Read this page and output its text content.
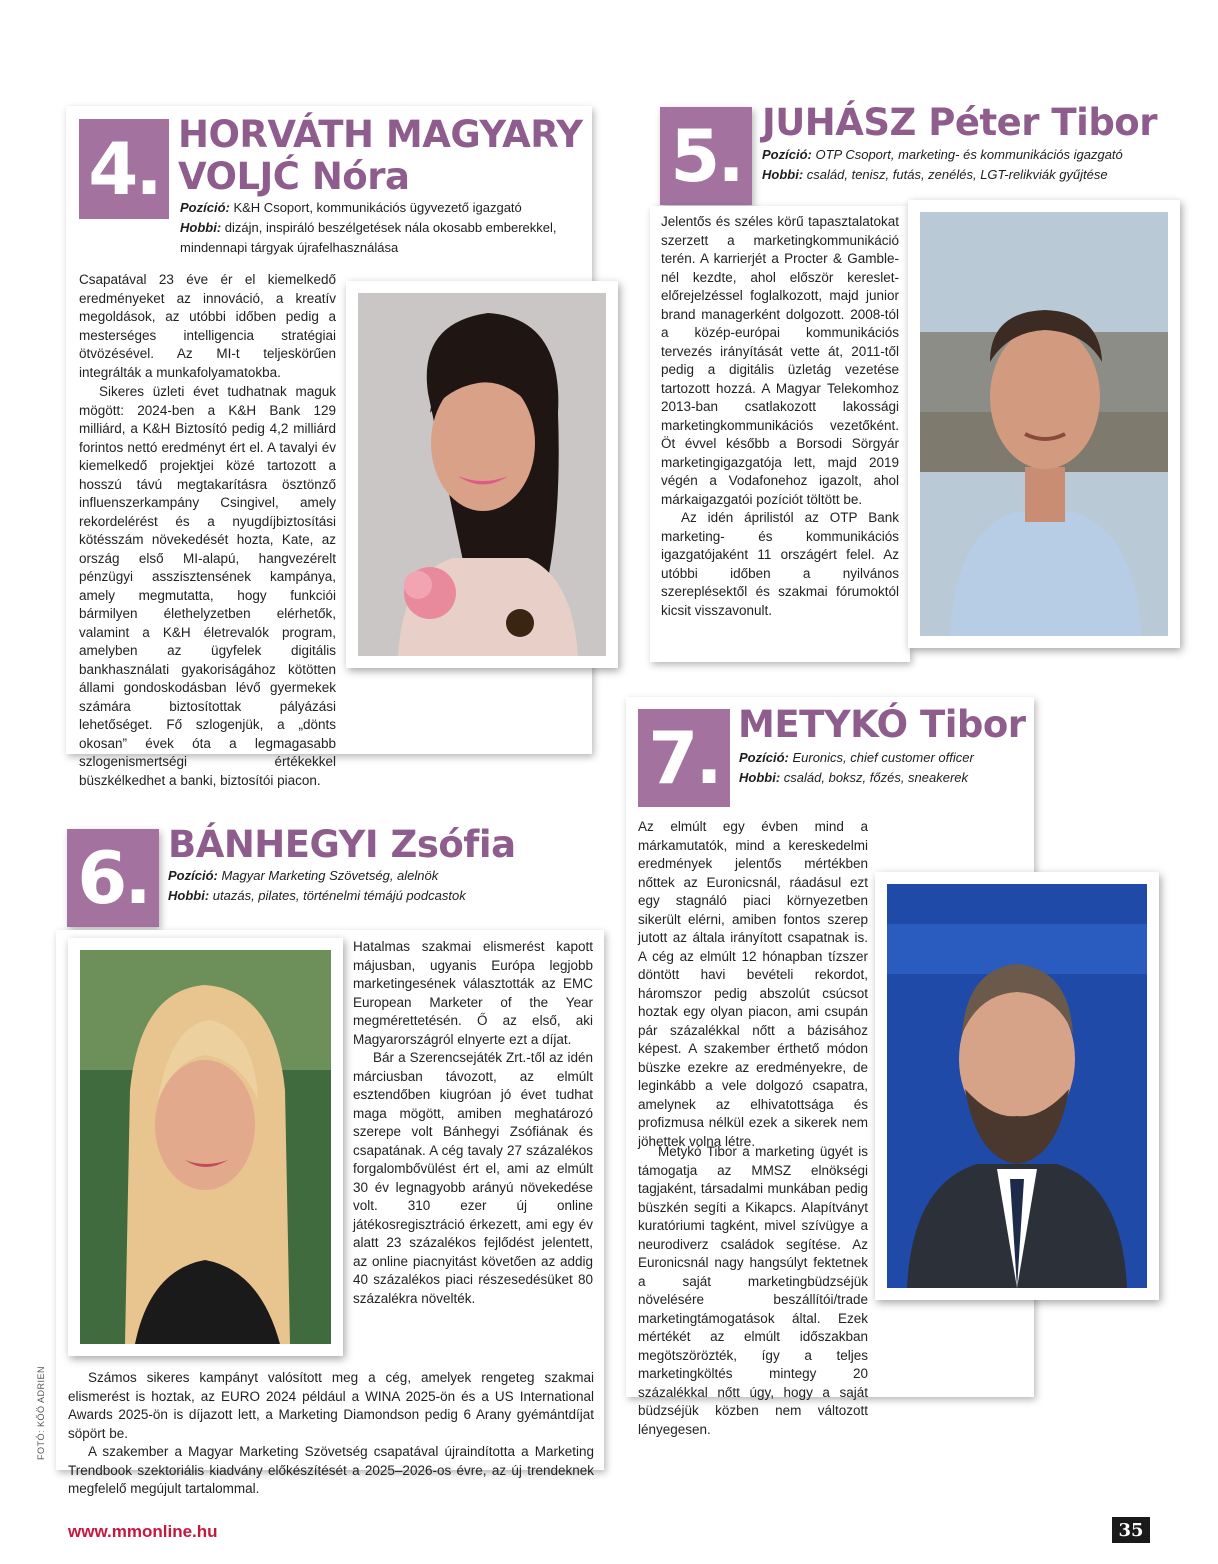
4. HORVÁTH MAGYARY
VOLJĆ Nóra
Pozíció: K&H Csoport, kommunikációs ügyvezető igazgató
Hobbi: dizájn, inspiráló beszélgetések nála okosabb emberekkel,
mindennapi tárgyak újrafelhasználása

Csapatával 23 éve ér el kiemelkedő eredményeket az innováció, a kreatív megoldások, az utóbbi időben pedig a mesterséges intelligencia stratégiai ötvözésével. Az MI-t teljeskörűen integrálták a munkafolyamatokba.

Sikeres üzleti évet tudhatnak maguk mögött: 2024-ben a K&H Bank 129 milliárd, a K&H Biztosító pedig 4,2 milliárd forintos nettó eredményt ért el. A tavalyi év kiemelkedő projektjei közé tartozott a hosszú távú megtakarításra ösztönző influenszerkampány Csingivel, amely rekordelérést és a nyugdíjbiztosítási kötésszám növekedését hozta, Kate, az ország első MI-alapú, hangvezérelt pénzügyi asszisztensének kampánya, amely megmutatta, hogy funkciói bármilyen élethelyzetben elérhetők, valamint a K&H életrevalók program, amelyben az ügyfelek digitális bankhasználati gyakoriságához kötötten állami gondoskodásban lévő gyermekek számára biztosítottak pályázási lehetőséget. Fő szlogenjük, a „dönts okosan” évek óta a legmagasabb szlogenismertségi értékekkel büszkélkedhet a banki, biztosítói piacon.

5. JUHÁSZ Péter Tibor
Pozíció: OTP Csoport, marketing- és kommunikációs igazgató
Hobbi: család, tenisz, futás, zenélés, LGT-relikviák gyűjtése

Jelentős és széles körű tapasztalatokat szerzett a marketingkommunikáció terén. A karrierjét a Procter & Gamble-nél kezdte, ahol először kereslet-előrejelzéssel foglalkozott, majd junior brand managerként dolgozott. 2008-tól a közép-európai kommunikációs tervezés irányítását vette át, 2011-től pedig a digitális üzletág vezetése tartozott hozzá. A Magyar Telekomhoz 2013-ban csatlakozott lakossági marketingkommunikációs vezetőként. Öt évvel később a Borsodi Sörgyár marketingigazgatója lett, majd 2019 végén a Vodafonehoz igazolt, ahol márkaigazgatói pozíciót töltött be.

Az idén áprilistól az OTP Bank marketing- és kommunikációs igazgatójaként 11 országért felel. Az utóbbi időben a nyilvános szereplésektől és szakmai fórumoktól kicsit visszavonult.

6. BÁNHEGYI Zsófia
Pozíció: Magyar Marketing Szövetség, alelnök
Hobbi: utazás, pilates, történelmi témájú podcastok

Hatalmas szakmai elismerést kapott májusban, ugyanis Európa legjobb marketingesének választották az EMC European Marketer of the Year megmérettetésén. Ő az első, aki Magyarországról elnyerte ezt a díjat.

Bár a Szerencsejáték Zrt.-től az idén márciusban távozott, az elmúlt esztendőben kiugróan jó évet tudhat maga mögött, amiben meghatározó szerepe volt Bánhegyi Zsófiának és csapatának. A cég tavaly 27 százalékos forgalombővülést ért el, ami az elmúlt 30 év legnagyobb arányú növekedése volt. 310 ezer új online játékosregisztráció érkezett, ami egy év alatt 23 százalékos fejlődést jelentett, az online piacnyitást követően az addig 40 százalékos piaci részesedésüket 80 százalékra növelték.

Számos sikeres kampányt valósított meg a cég, amelyek rengeteg szakmai elismerést is hoztak, az EURO 2024 például a WINA 2025-ön és a US International Awards 2025-ön is díjazott lett, a Marketing Diamondson pedig 6 Arany gyémántdíjat söpört be.

A szakember a Magyar Marketing Szövetség csapatával újraindította a Marketing Trendbook szektoriális kiadvány előkészítését a 2025–2026-os évre, az új trendeknek megfelelő megújult tartalommal.

7. METYKÓ Tibor
Pozíció: Euronics, chief customer officer
Hobbi: család, boksz, főzés, sneakerek

Az elmúlt egy évben mind a márkamutatók, mind a kereskedelmi eredmények jelentős mértékben nőttek az Euronicsnál, ráadásul ezt egy stagnáló piaci környezetben sikerült elérni, amiben fontos szerep jutott az általa irányított csapatnak is. A cég az elmúlt 12 hónapban tízszer döntött havi bevételi rekordot, háromszor pedig abszolút csúcsot hoztak egy olyan piacon, ami csupán pár százalékkal nőtt a bázisához képest. A szakember érthető módon büszke ezekre az eredményekre, de leginkább a vele dolgozó csapatra, amelynek az elhivatottsága és profizmusa nélkül ezek a sikerek nem jöhettek volna létre.

Metykó Tibor a marketing ügyét is támogatja az MMSZ elnökségi tagjaként, társadalmi munkában pedig büszkén segíti a Kikapcs. Alapítványt kuratóriumi tagként, mivel szívügye a neurodiverz családok segítése. Az Euronicsnál nagy hangsúlyt fektetnek a saját marketingbüdzséjük növelésére beszállítói/trade marketingtámogatások által. Ezek mértékét az elmúlt időszakban megötszörözték, így a teljes marketingköltés mintegy 20 százalékkal nőtt úgy, hogy a saját büdzséjük közben nem változott lényegesen.

FOTÓ: KŐÖ ADRIEN
www.mmonline.hu	35
